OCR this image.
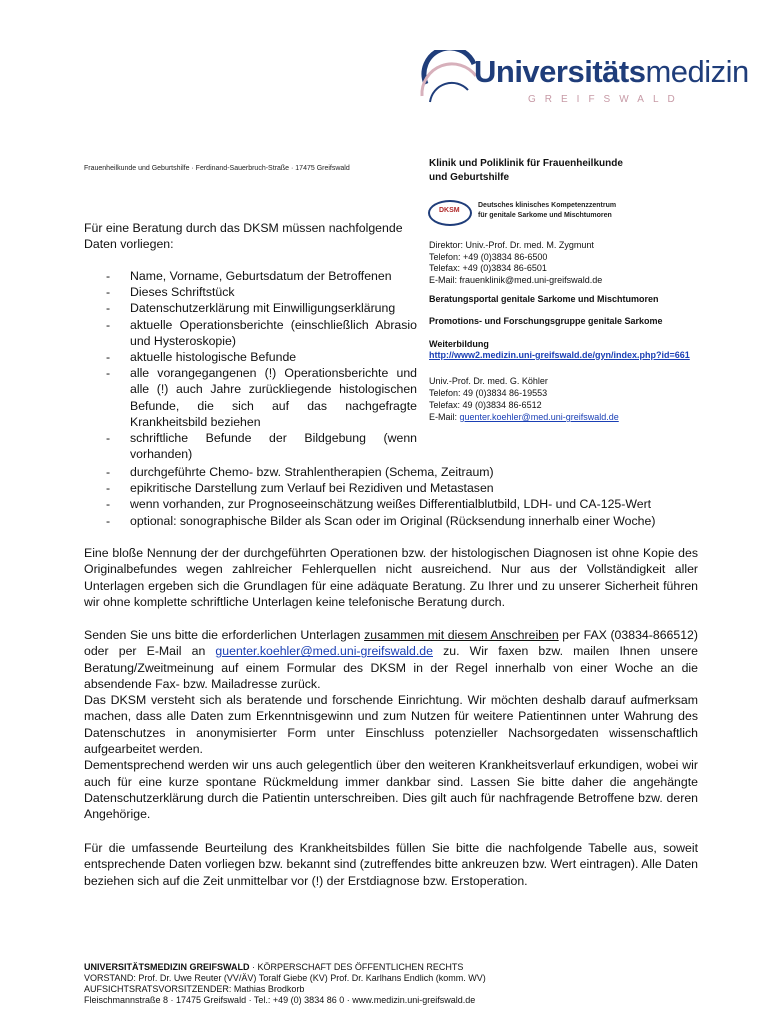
Universitätsmedizin
GREIFSWALD
Frauenheilkunde und Geburtshilfe · Ferdinand-Sauerbruch-Straße · 17475 Greifswald	Klinik und Poliklinik für Frauenheilkunde
und Geburtshilfe
DKSM
Deutsches klinisches Kompetenzzentrum
für genitale Sarkome und Mischtumoren
Direktor: Univ.-Prof. Dr. med. M. Zygmunt
Telefon: +49 (0)3834 86-6500
Telefax: +49 (0)3834 86-6501
E-Mail: frauenklinik@med.uni-greifswald.de
Beratungsportal genitale Sarkome und Mischtumoren
Promotions- und Forschungsgruppe genitale Sarkome
Weiterbildung
http://www2.medizin.uni-greifswald.de/gyn/index.php?id=661
Univ.-Prof. Dr. med. G. Köhler
Telefon: 49 (0)3834 86-19553
Telefax: 49 (0)3834 86-6512
E-Mail: guenter.koehler@med.uni-greifswald.de
Für eine Beratung durch das DKSM müssen nachfolgende Daten vorliegen:
- Name, Vorname, Geburtsdatum der Betroffenen
- Dieses Schriftstück
- Datenschutzerklärung mit Einwilligungserklärung
- aktuelle Operationsberichte (einschließlich Abrasio und Hysteroskopie)
- aktuelle histologische Befunde
- alle vorangegangenen (!) Operationsberichte und alle (!) auch Jahre zurückliegende histologischen Befunde, die sich auf das nachgefragte Krankheitsbild beziehen
- schriftliche Befunde der Bildgebung (wenn vorhanden)
- durchgeführte Chemo- bzw. Strahlentherapien (Schema, Zeitraum)
- epikritische Darstellung zum Verlauf bei Rezidiven und Metastasen
- wenn vorhanden, zur Prognoseeinschätzung weißes Differentialblutbild, LDH- und CA-125-Wert
- optional: sonographische Bilder als Scan oder im Original (Rücksendung innerhalb einer Woche)
Eine bloße Nennung der der durchgeführten Operationen bzw. der histologischen Diagnosen ist ohne Kopie des Originalbefundes wegen zahlreicher Fehlerquellen nicht ausreichend. Nur aus der Vollständigkeit aller Unterlagen ergeben sich die Grundlagen für eine adäquate Beratung. Zu Ihrer und zu unserer Sicherheit führen wir ohne komplette schriftliche Unterlagen keine telefonische Beratung durch.
Senden Sie uns bitte die erforderlichen Unterlagen zusammen mit diesem Anschreiben per FAX (03834-866512) oder per E-Mail an guenter.koehler@med.uni-greifswald.de zu. Wir faxen bzw. mailen Ihnen unsere Beratung/Zweitmeinung auf einem Formular des DKSM in der Regel innerhalb von einer Woche an die absendende Fax- bzw. Mailadresse zurück.
Das DKSM versteht sich als beratende und forschende Einrichtung. Wir möchten deshalb darauf aufmerksam machen, dass alle Daten zum Erkenntnisgewinn und zum Nutzen für weitere Patientinnen unter Wahrung des Datenschutzes in anonymisierter Form unter Einschluss potenzieller Nachsorgedaten wissenschaftlich aufgearbeitet werden.
Dementsprechend werden wir uns auch gelegentlich über den weiteren Krankheitsverlauf erkundigen, wobei wir auch für eine kurze spontane Rückmeldung immer dankbar sind. Lassen Sie bitte daher die angehängte Datenschutzerklärung durch die Patientin unterschreiben. Dies gilt auch für nachfragende Betroffene bzw. deren Angehörige.
Für die umfassende Beurteilung des Krankheitsbildes füllen Sie bitte die nachfolgende Tabelle aus, soweit entsprechende Daten vorliegen bzw. bekannt sind (zutreffendes bitte ankreuzen bzw. Wert eintragen). Alle Daten beziehen sich auf die Zeit unmittelbar vor (!) der Erstdiagnose bzw. Erstoperation.
UNIVERSITÄTSMEDIZIN GREIFSWALD · KÖRPERSCHAFT DES ÖFFENTLICHEN RECHTS
VORSTAND: Prof. Dr. Uwe Reuter (VV/ÄV) Toralf Giebe (KV) Prof. Dr. Karlhans Endlich (komm. WV)
AUFSICHTSRATSVORSITZENDER: Mathias Brodkorb
Fleischmannstraße 8 · 17475 Greifswald · Tel.: +49 (0) 3834 86 0 · www.medizin.uni-greifswald.de
